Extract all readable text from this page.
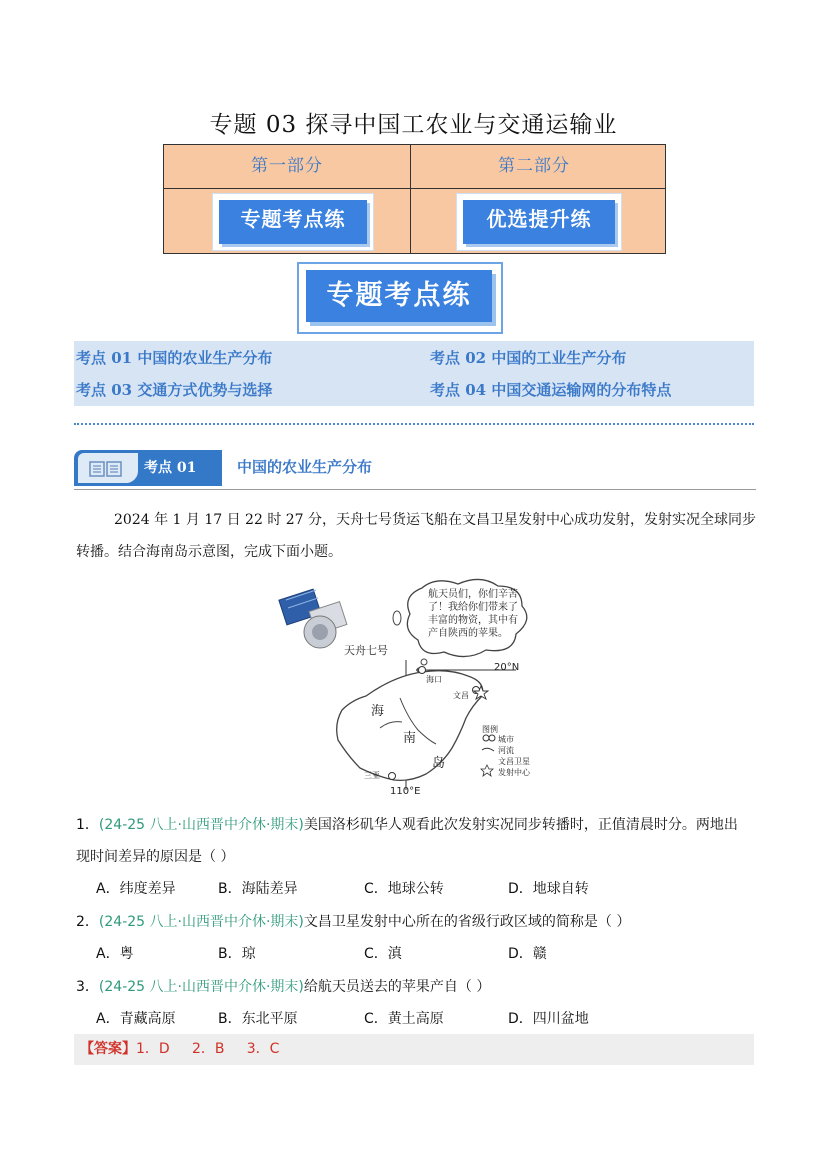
专题 03 探寻中国工农业与交通运输业
第一部分	第二部分
专题考点练	优选提升练
专题考点练
考点 01 中国的农业生产分布	考点 02 中国的工业生产分布
考点 03 交通方式优势与选择	考点 04 中国交通运输网的分布特点
考点 01	中国的农业生产分布
2024 年 1 月 17 日 22 时 27 分，天舟七号货运飞船在文昌卫星发射中心成功发射，发射实况全球同步
转播。结合海南岛示意图，完成下面小题。
航天员们，你们辛苦
了！我给你们带来了
丰富的物资，其中有
产自陕西的苹果。
天舟七号
20°N
110°E
海
南
岛
海口
文昌
三亚
图例
城市
河流
文昌卫星
发射中心
1．(24-25 八上·山西晋中介休·期末)美国洛杉矶华人观看此次发射实况同步转播时，正值清晨时分。两地出
现时间差异的原因是（ ）
A．纬度差异	B．海陆差异	C．地球公转	D．地球自转
2．(24-25 八上·山西晋中介休·期末)文昌卫星发射中心所在的省级行政区域的简称是（ ）
A．粤	B．琼	C．滇	D．赣
3．(24-25 八上·山西晋中介休·期末)给航天员送去的苹果产自（ ）
A．青藏高原	B．东北平原	C．黄土高原	D．四川盆地
【答案】1．D     2．B     3．C
